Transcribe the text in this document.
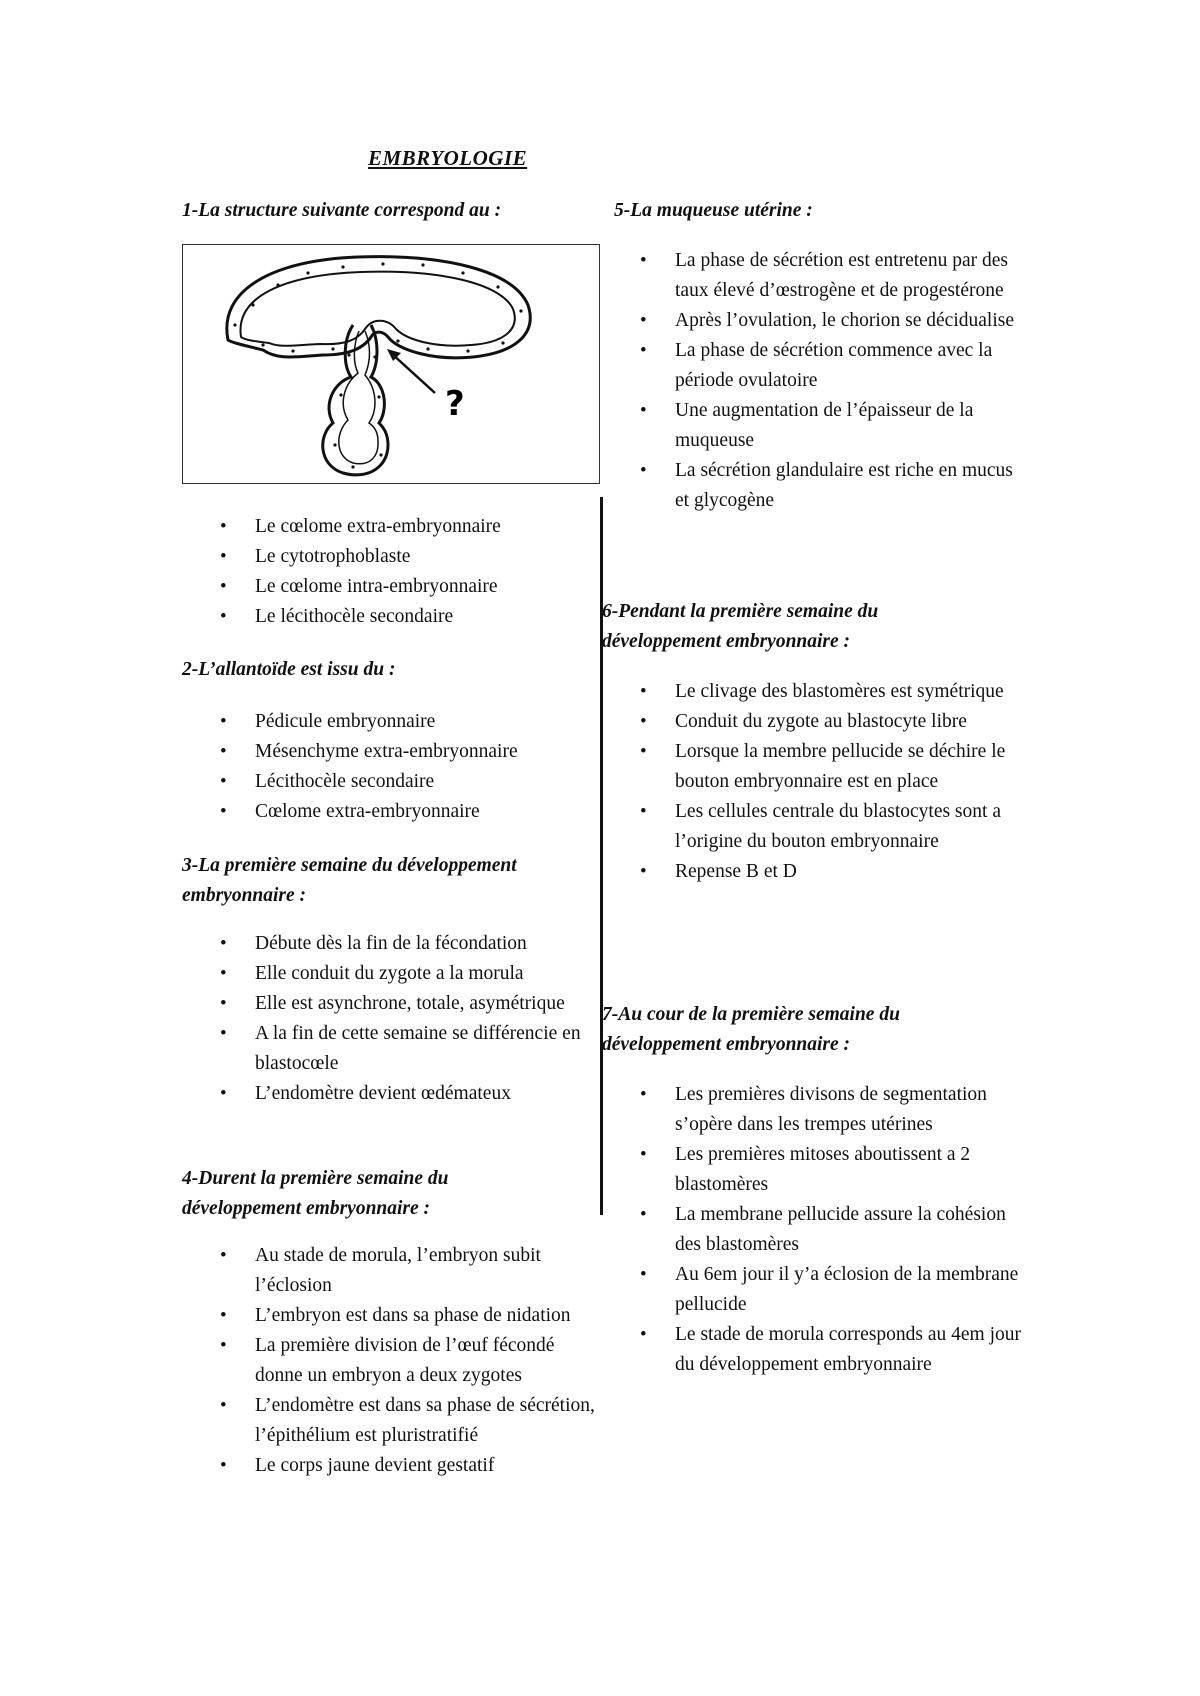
EMBRYOLOGIE
1-La structure suivante correspond au :
?
• Le cœlome extra-embryonnaire
• Le cytotrophoblaste
• Le cœlome intra-embryonnaire
• Le lécithocèle secondaire
2-L’allantoïde est issu du :
• Pédicule embryonnaire
• Mésenchyme extra-embryonnaire
• Lécithocèle secondaire
• Cœlome extra-embryonnaire
3-La première semaine du développement embryonnaire :
• Débute dès la fin de la fécondation
• Elle conduit du zygote a la morula
• Elle est asynchrone, totale, asymétrique
• A la fin de cette semaine se différencie en blastocœle
• L’endomètre devient œdémateux
4-Durent la première semaine du développement embryonnaire :
• Au stade de morula, l’embryon subit l’éclosion
• L’embryon est dans sa phase de nidation
• La première division de l’œuf fécondé donne un embryon a deux zygotes
• L’endomètre est dans sa phase de sécrétion, l’épithélium est pluristratifié
• Le corps jaune devient gestatif
5-La muqueuse utérine :
• La phase de sécrétion est entretenu par des taux élevé d’œstrogène et de progestérone
• Après l’ovulation, le chorion se décidualise
• La phase de sécrétion commence avec la période ovulatoire
• Une augmentation de l’épaisseur de la muqueuse
• La sécrétion glandulaire est riche en mucus et glycogène
6-Pendant la première semaine du développement embryonnaire :
• Le clivage des blastomères est symétrique
• Conduit du zygote au blastocyte libre
• Lorsque la membre pellucide se déchire le bouton embryonnaire est en place
• Les cellules centrale du blastocytes sont a l’origine du bouton embryonnaire
• Repense B et D
7-Au cour de la première semaine du développement embryonnaire :
• Les premières divisons de segmentation s’opère dans les trempes utérines
• Les premières mitoses aboutissent a 2 blastomères
• La membrane pellucide assure la cohésion des blastomères
• Au 6em jour il y’a éclosion de la membrane pellucide
• Le stade de morula corresponds au 4em jour du développement embryonnaire
